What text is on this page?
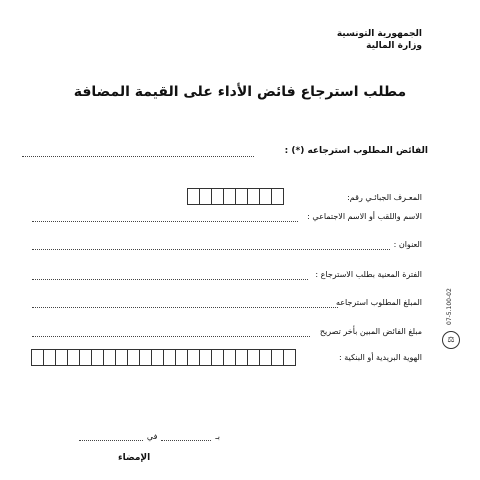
الجمهورية التونسية
وزارة المالية
مطلب استرجاع فائض الأداء على القيمة المضافة
الفائض المطلوب استرجاعه (*) :
المعـرف الجبائـي رقم:
الاسم واللقب أو الاسم الاجتماعي :
العنوان :
الفترة المعنية بطلب الاسترجاع :
المبلغ المطلوب استرجاعه
مبلغ الفائض المبين بأخر تصريح
الهوية البريدية أو البنكية :
07-5.100-02
⚖
بـ
في
الإمضاء
